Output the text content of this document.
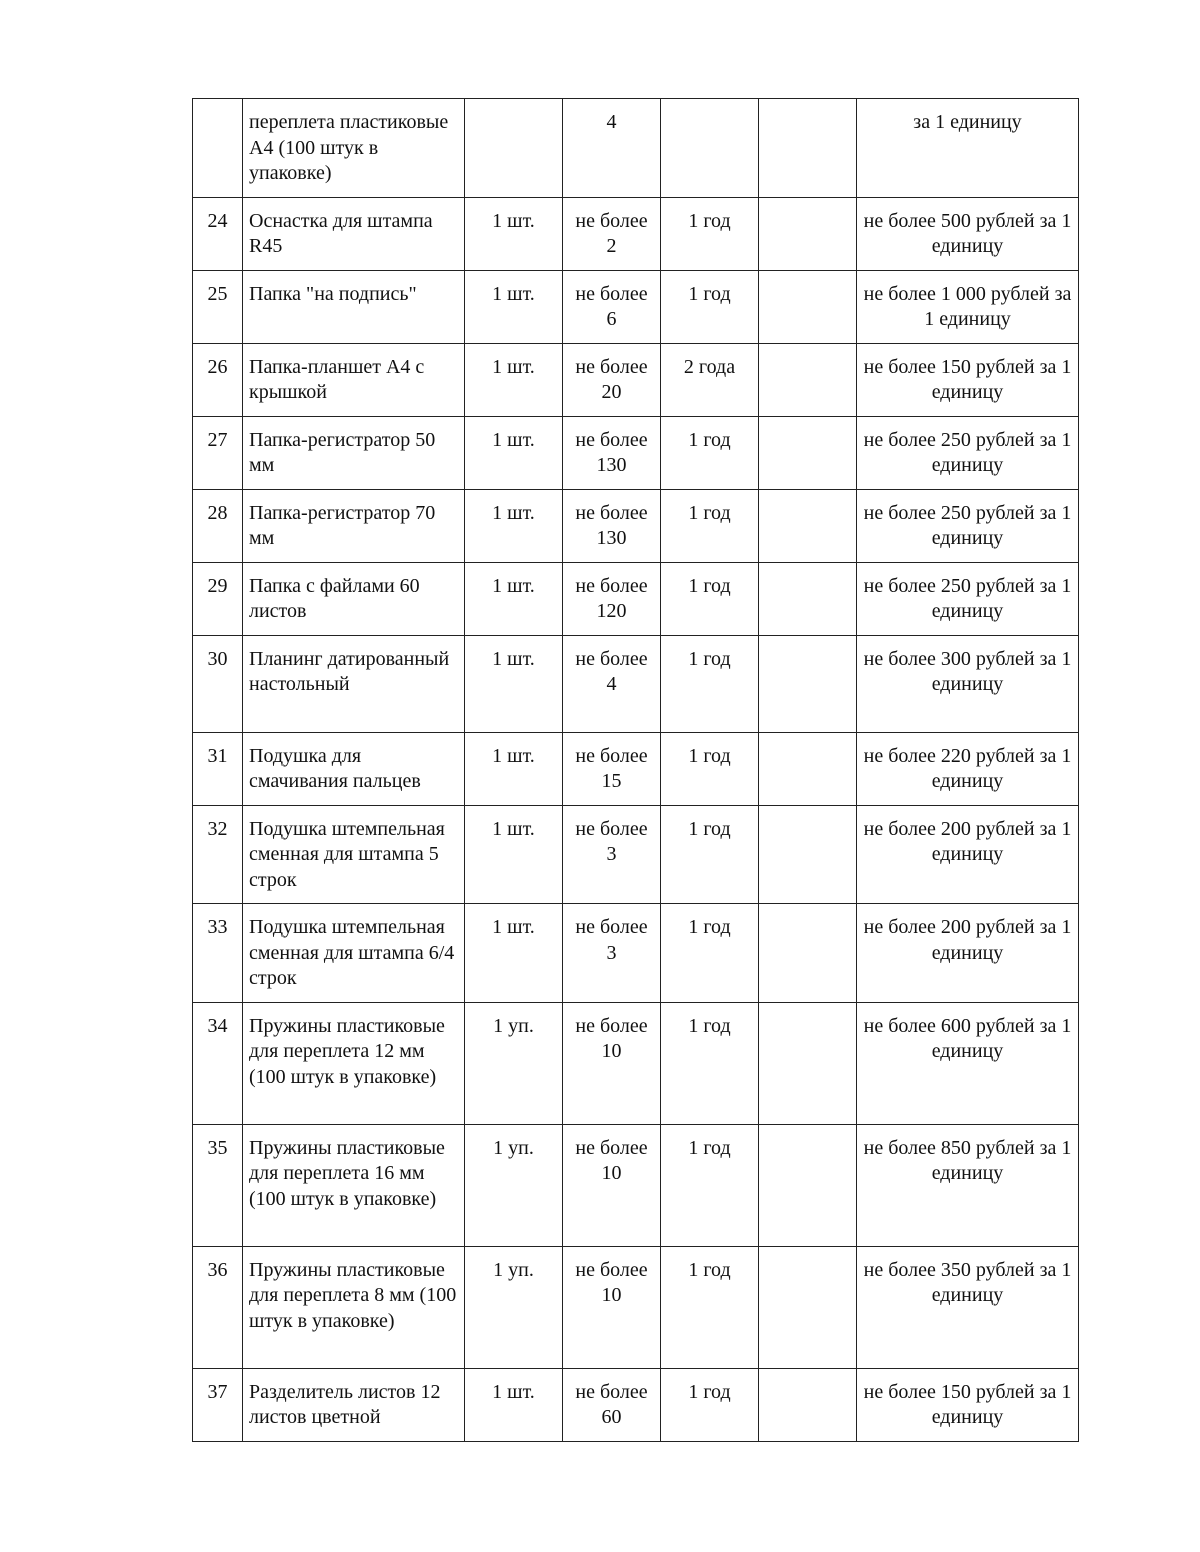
	переплета пластиковые А4 (100 штук в упаковке)		4			за 1 единицу
24	Оснастка для штампа R45	1 шт.	не более 2	1 год		не более 500 рублей за 1 единицу
25	Папка "на подпись"	1 шт.	не более 6	1 год		не более 1 000 рублей за 1 единицу
26	Папка-планшет А4 с крышкой	1 шт.	не более 20	2 года		не более 150 рублей за 1 единицу
27	Папка-регистратор 50 мм	1 шт.	не более 130	1 год		не более 250 рублей за 1 единицу
28	Папка-регистратор 70 мм	1 шт.	не более 130	1 год		не более 250 рублей за 1 единицу
29	Папка с файлами 60 листов	1 шт.	не более 120	1 год		не более 250 рублей за 1 единицу
30	Планинг датированный настольный	1 шт.	не более 4	1 год		не более 300 рублей за 1 единицу
31	Подушка для смачивания пальцев	1 шт.	не более 15	1 год		не более 220 рублей за 1 единицу
32	Подушка штемпельная сменная для штампа 5 строк	1 шт.	не более 3	1 год		не более 200 рублей за 1 единицу
33	Подушка штемпельная сменная для штампа 6/4 строк	1 шт.	не более 3	1 год		не более 200 рублей за 1 единицу
34	Пружины пластиковые для переплета 12 мм (100 штук в упаковке)	1 уп.	не более 10	1 год		не более 600 рублей за 1 единицу
35	Пружины пластиковые для переплета 16 мм (100 штук в упаковке)	1 уп.	не более 10	1 год		не более 850 рублей за 1 единицу
36	Пружины пластиковые для переплета 8 мм (100 штук в упаковке)	1 уп.	не более 10	1 год		не более 350 рублей за 1 единицу
37	Разделитель листов 12 листов цветной	1 шт.	не более 60	1 год		не более 150 рублей за 1 единицу
